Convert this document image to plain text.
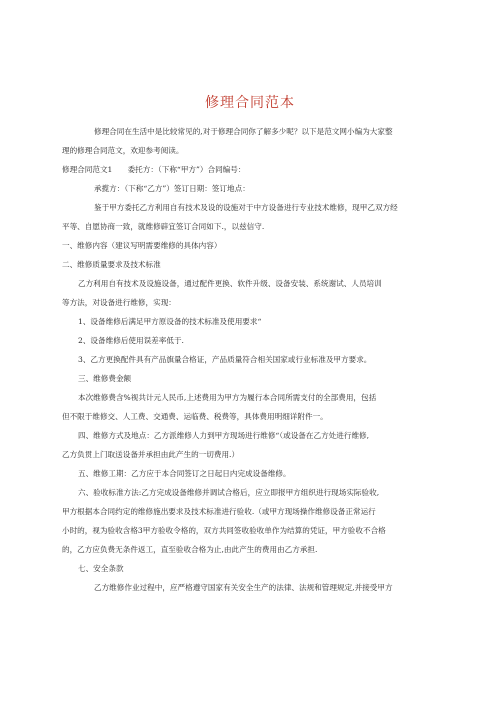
修理合同范本
修理合同在生活中是比较常见的,对于修理合同你了解多少呢？以下是范文网小编为大家整
理的修理合同范文，欢迎参考阅读。
修理合同范文1　　委托方：（下称“甲方”）合同编号：
承揽方：（下称“乙方”）签订日期：签订地点：
鉴于甲方委托乙方利用自有技术及设的设施对于中方设备进行专业技术维修，现甲乙双方经
平等、自愿协商一致，就维修辟宜签订合同如下.，以兹信守.
一、维修内容（建议写明需要维修的具体内容）
二、维修质量要求及技术标准
乙方利用自有技术及设施设备，通过配件更换、软件升级、设备安装、系统谢试、人员培训
等方法，对设备进行维修，实现：
1、设备维修后满足甲方原设备的技术标准及使用要求“
2、设备维修后使用误差率低于.
3、乙方更换配件具有产品旗量合格证，产品质量符合相关国家或行业标准及甲方要求。
三、维修费金额
本次维修费含%视共计元人民币,上述费用为甲方为履行本合同所需支付的全部费用，包括
但不限于维修交、人工费、交通费、运临费、税费等，具体费用明细详附件一。
四、维修方式及地点：乙方派维修人力到甲方现场进行维修“（或设备在乙方处进行维修,
乙方负贯上门取送设备并承担由此产生的一切费用.）
五、维修工期：乙方应于本合同签订之日起日内完成设备维修。
六、验收标准方法:乙方完成设备维修并调试合格后，应立即报甲方组织进行现场实际验收,
甲方根据本合同约定的维修施出要求及技术标准进行验收.（或甲方现场操作维修设备正常运行
小时的，视为验收含格3甲方验收令格的，双方共同签收验收单作为结算的凭证，甲方验收不合格
的，乙方应负费无条件返工，直至验收合格为止,由此产生的费用由乙方承担.
七、安全条款
乙方维修作业过程中，应严格遵守国家有关安全生产的法律、法规和管理规定,并接受甲方
